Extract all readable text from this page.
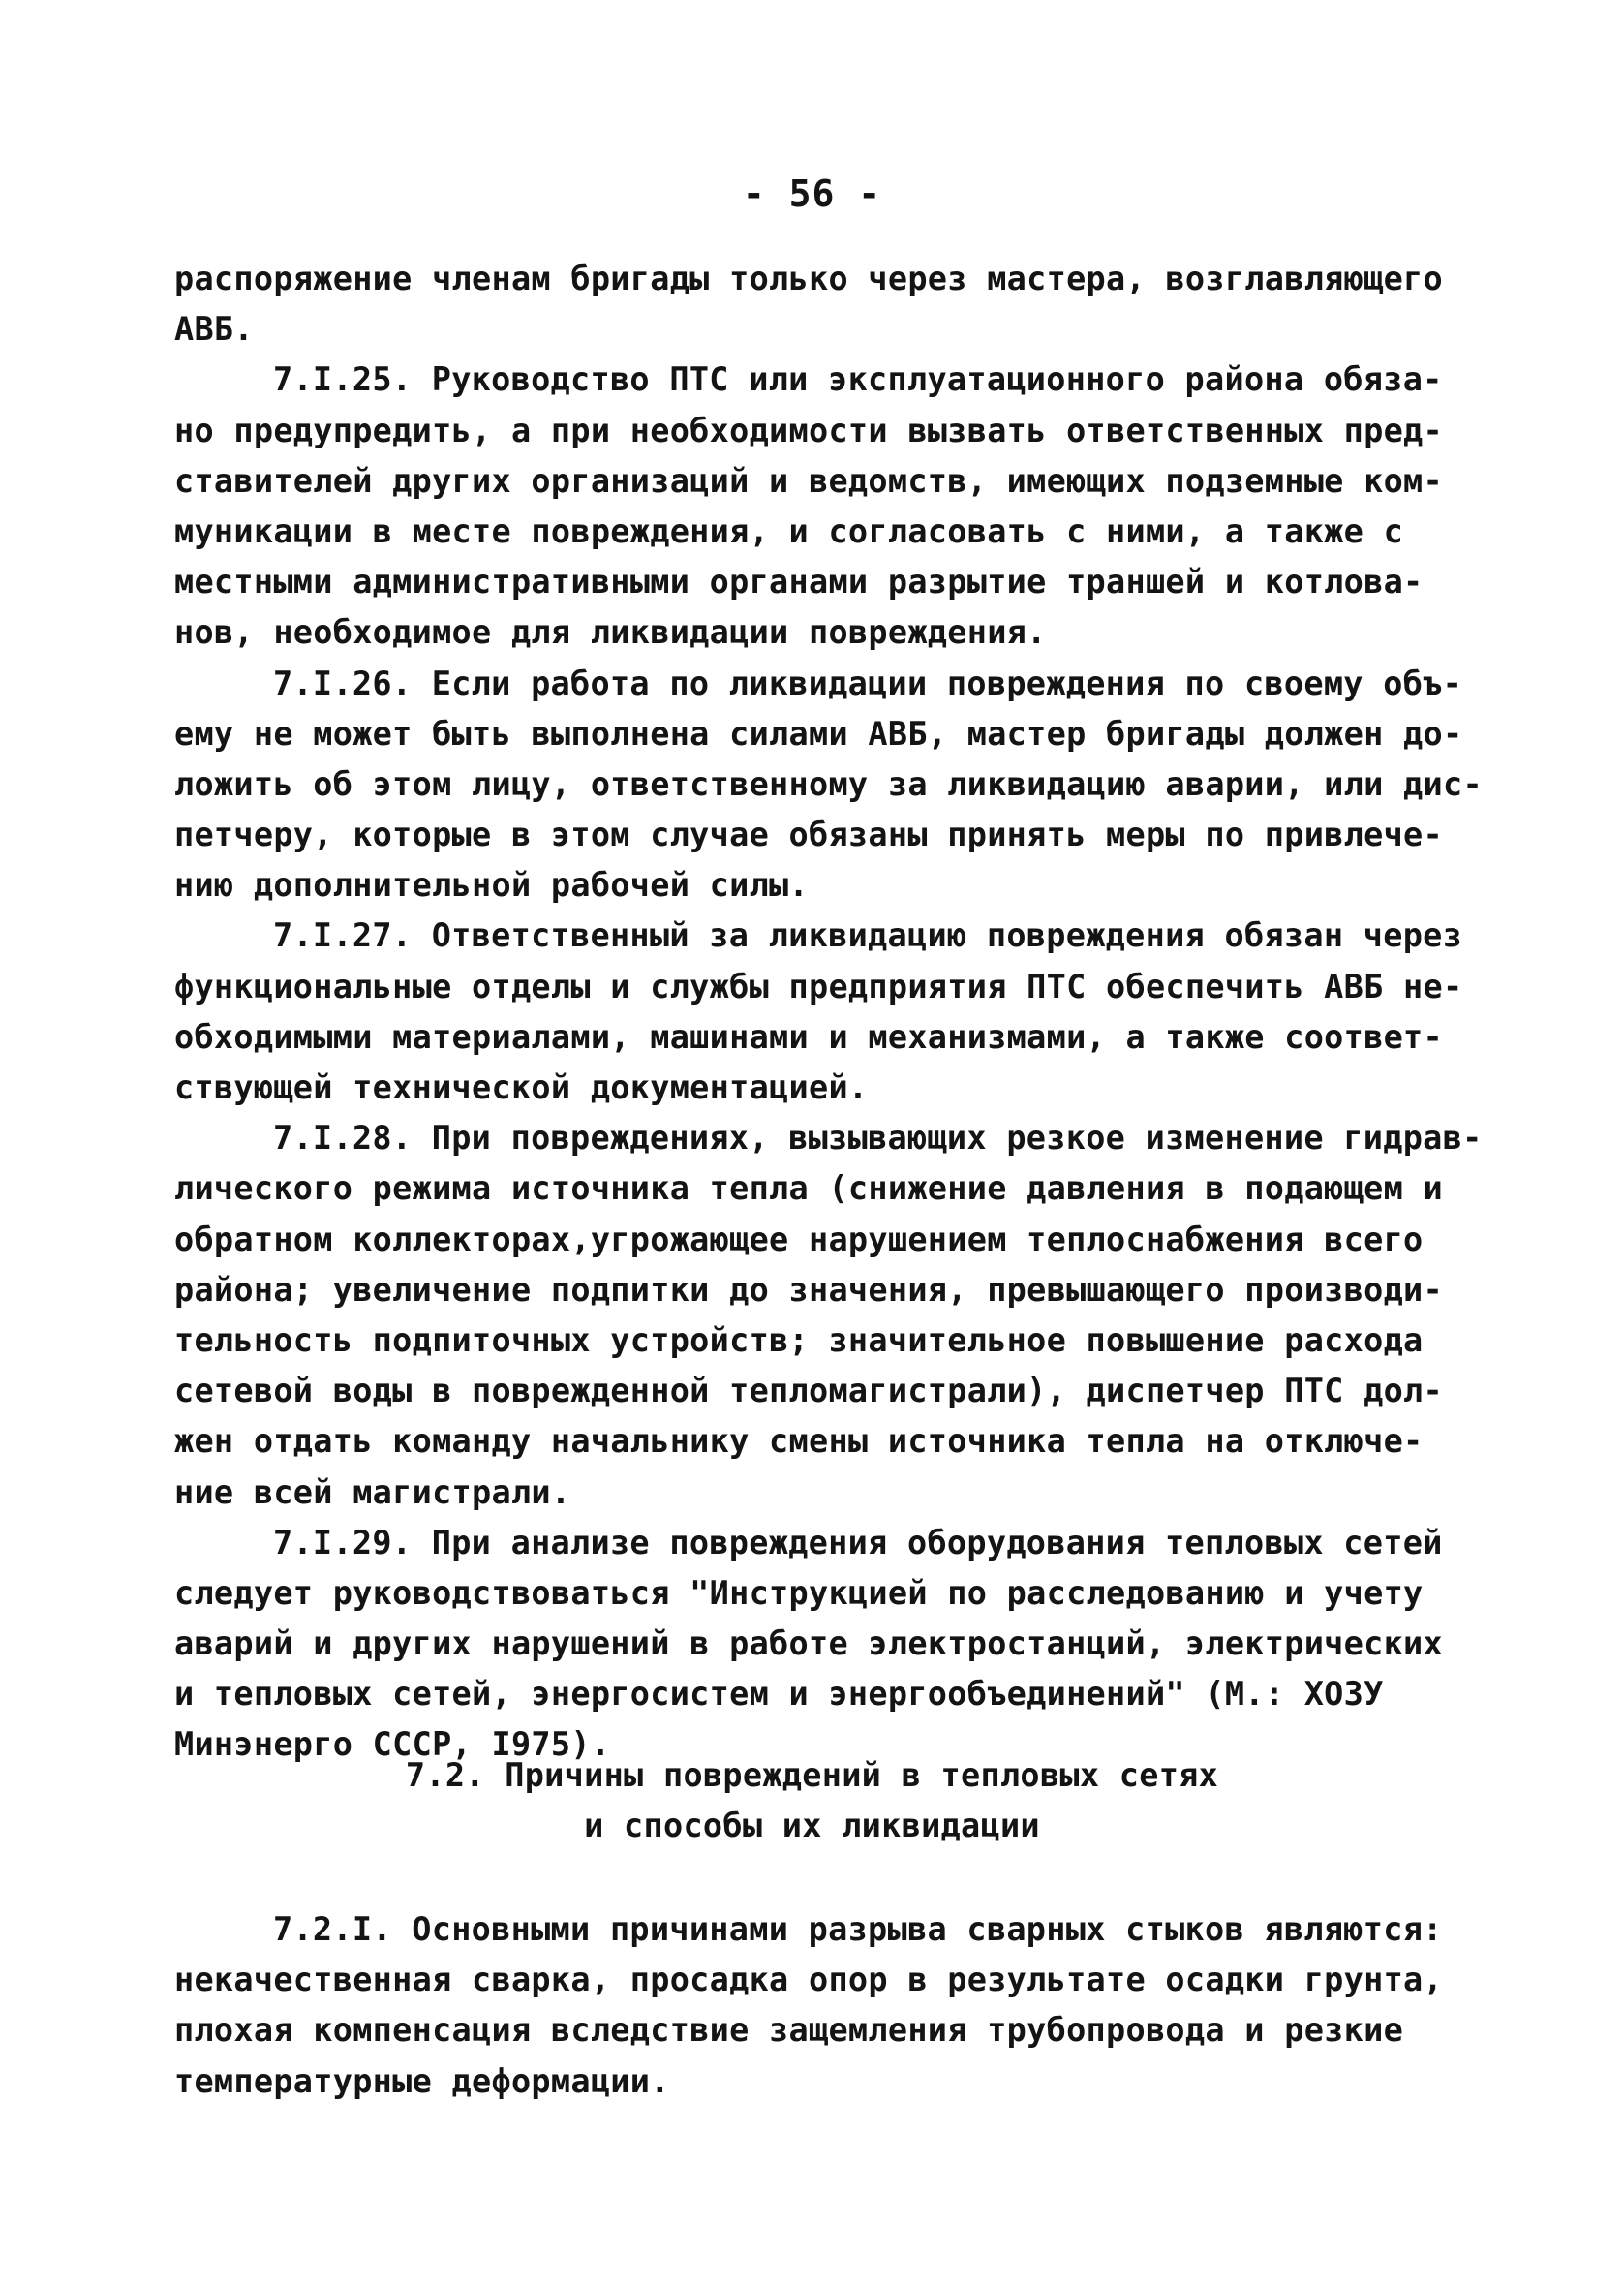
- 56 -
распоряжение членам бригады только через мастера, возглавляющего
АВБ.
7.I.25. Руководство ПТС или эксплуатационного района обяза-
но предупредить, а при необходимости вызвать ответственных пред-
ставителей других организаций и ведомств, имеющих подземные ком-
муникации в месте повреждения, и согласовать с ними, а также с
местными административными органами разрытие траншей и котлова-
нов, необходимое для ликвидации повреждения.
7.I.26. Если работа по ликвидации повреждения по своему объ-
ему не может быть выполнена силами АВБ, мастер бригады должен до-
ложить об этом лицу, ответственному за ликвидацию аварии, или дис-
петчеру, которые в этом случае обязаны принять меры по привлече-
нию дополнительной рабочей силы.
7.I.27. Ответственный за ликвидацию повреждения обязан через
функциональные отделы и службы предприятия ПТС обеспечить АВБ не-
обходимыми материалами, машинами и механизмами, а также соответ-
ствующей технической документацией.
7.I.28. При повреждениях, вызывающих резкое изменение гидрав-
лического режима источника тепла (снижение давления в подающем и
обратном коллекторах,угрожающее нарушением теплоснабжения всего
района; увеличение подпитки до значения, превышающего производи-
тельность подпиточных устройств; значительное повышение расхода
сетевой воды в поврежденной тепломагистрали), диспетчер ПТС дол-
жен отдать команду начальнику смены источника тепла на отключе-
ние всей магистрали.
7.I.29. При анализе повреждения оборудования тепловых сетей
следует руководствоваться "Инструкцией по расследованию и учету
аварий и других нарушений в работе электростанций, электрических
и тепловых сетей, энергосистем и энергообъединений" (М.: ХОЗУ
Минэнерго СССР, I975).
7.2. Причины повреждений в тепловых сетях
и способы их ликвидации
7.2.I. Основными причинами разрыва сварных стыков являются:
некачественная сварка, просадка опор в результате осадки грунта,
плохая компенсация вследствие защемления трубопровода и резкие
температурные деформации.
